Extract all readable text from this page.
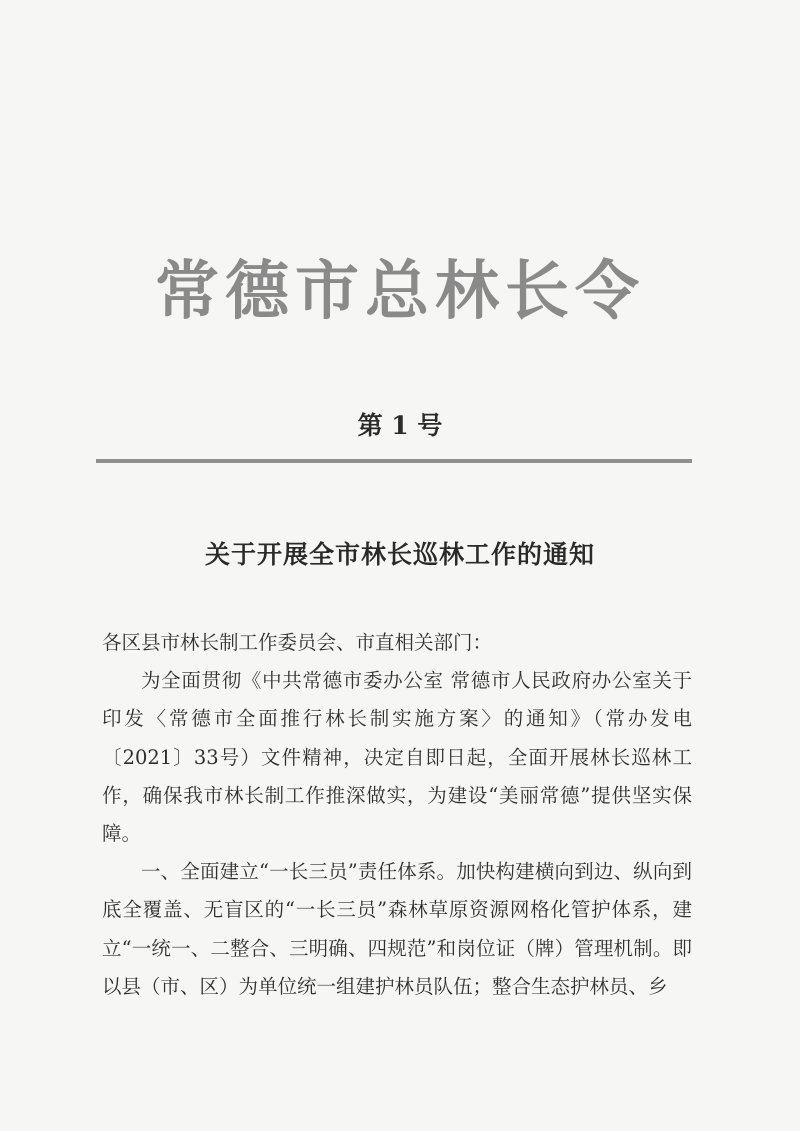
常德市总林长令
第 1 号
关于开展全市林长巡林工作的通知

各区县市林长制工作委员会、市直相关部门：

为全面贯彻《中共常德市委办公室 常德市人民政府办公室关于印发〈常德市全面推行林长制实施方案〉的通知》（常办发电〔2021〕33号）文件精神，决定自即日起，全面开展林长巡林工作，确保我市林长制工作推深做实，为建设“美丽常德”提供坚实保障。

一、全面建立“一长三员”责任体系。加快构建横向到边、纵向到底全覆盖、无盲区的“一长三员”森林草原资源网格化管护体系，建立“一统一、二整合、三明确、四规范”和岗位证（牌）管理机制。即以县（市、区）为单位统一组建护林员队伍；整合生态护林员、乡
